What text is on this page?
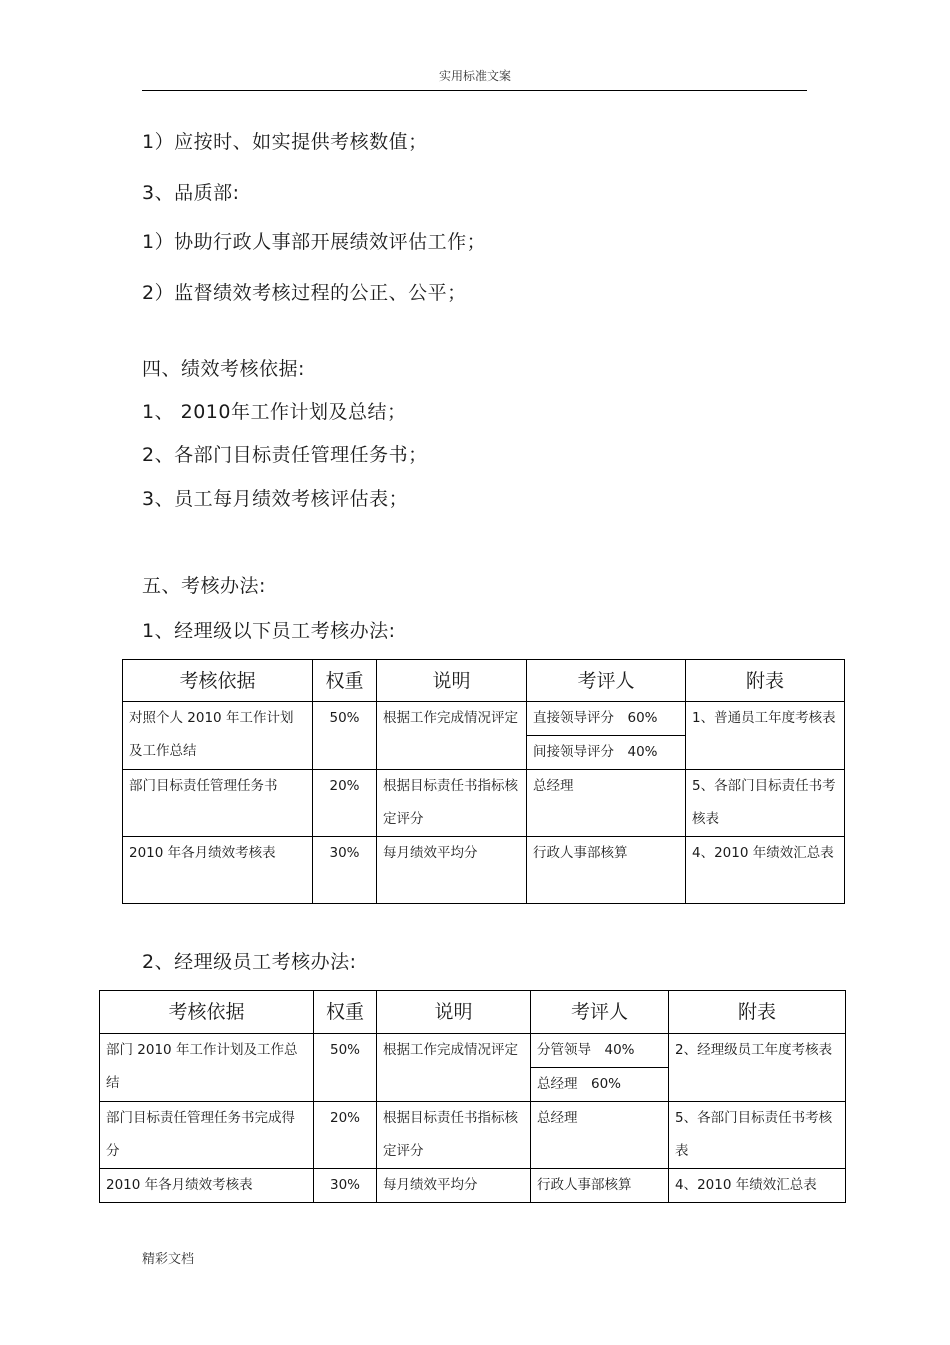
实用标准文案
1）应按时、如实提供考核数值；
3、品质部:
1）协助行政人事部开展绩效评估工作；
2）监督绩效考核过程的公正、公平；
四、绩效考核依据:
1、 2010年工作计划及总结；
2、各部门目标责任管理任务书；
3、员工每月绩效考核评估表；
五、考核办法:
1、经理级以下员工考核办法:
考核依据	权重	说明	考评人	附表
对照个人 2010 年工作计划及工作总结	50%	根据工作完成情况评定	直接领导评分　60%	1、普通员工年度考核表
			间接领导评分　40%	
部门目标责任管理任务书	20%	根据目标责任书指标核定评分	总经理	5、各部门目标责任书考核表
2010 年各月绩效考核表	30%	每月绩效平均分	行政人事部核算	4、2010 年绩效汇总表
2、经理级员工考核办法:
考核依据	权重	说明	考评人	附表
部门 2010 年工作计划及工作总结	50%	根据工作完成情况评定	分管领导　40%	2、经理级员工年度考核表
			总经理　60%	
部门目标责任管理任务书完成得分	20%	根据目标责任书指标核定评分	总经理	5、各部门目标责任书考核表
2010 年各月绩效考核表	30%	每月绩效平均分	行政人事部核算	4、2010 年绩效汇总表
精彩文档
